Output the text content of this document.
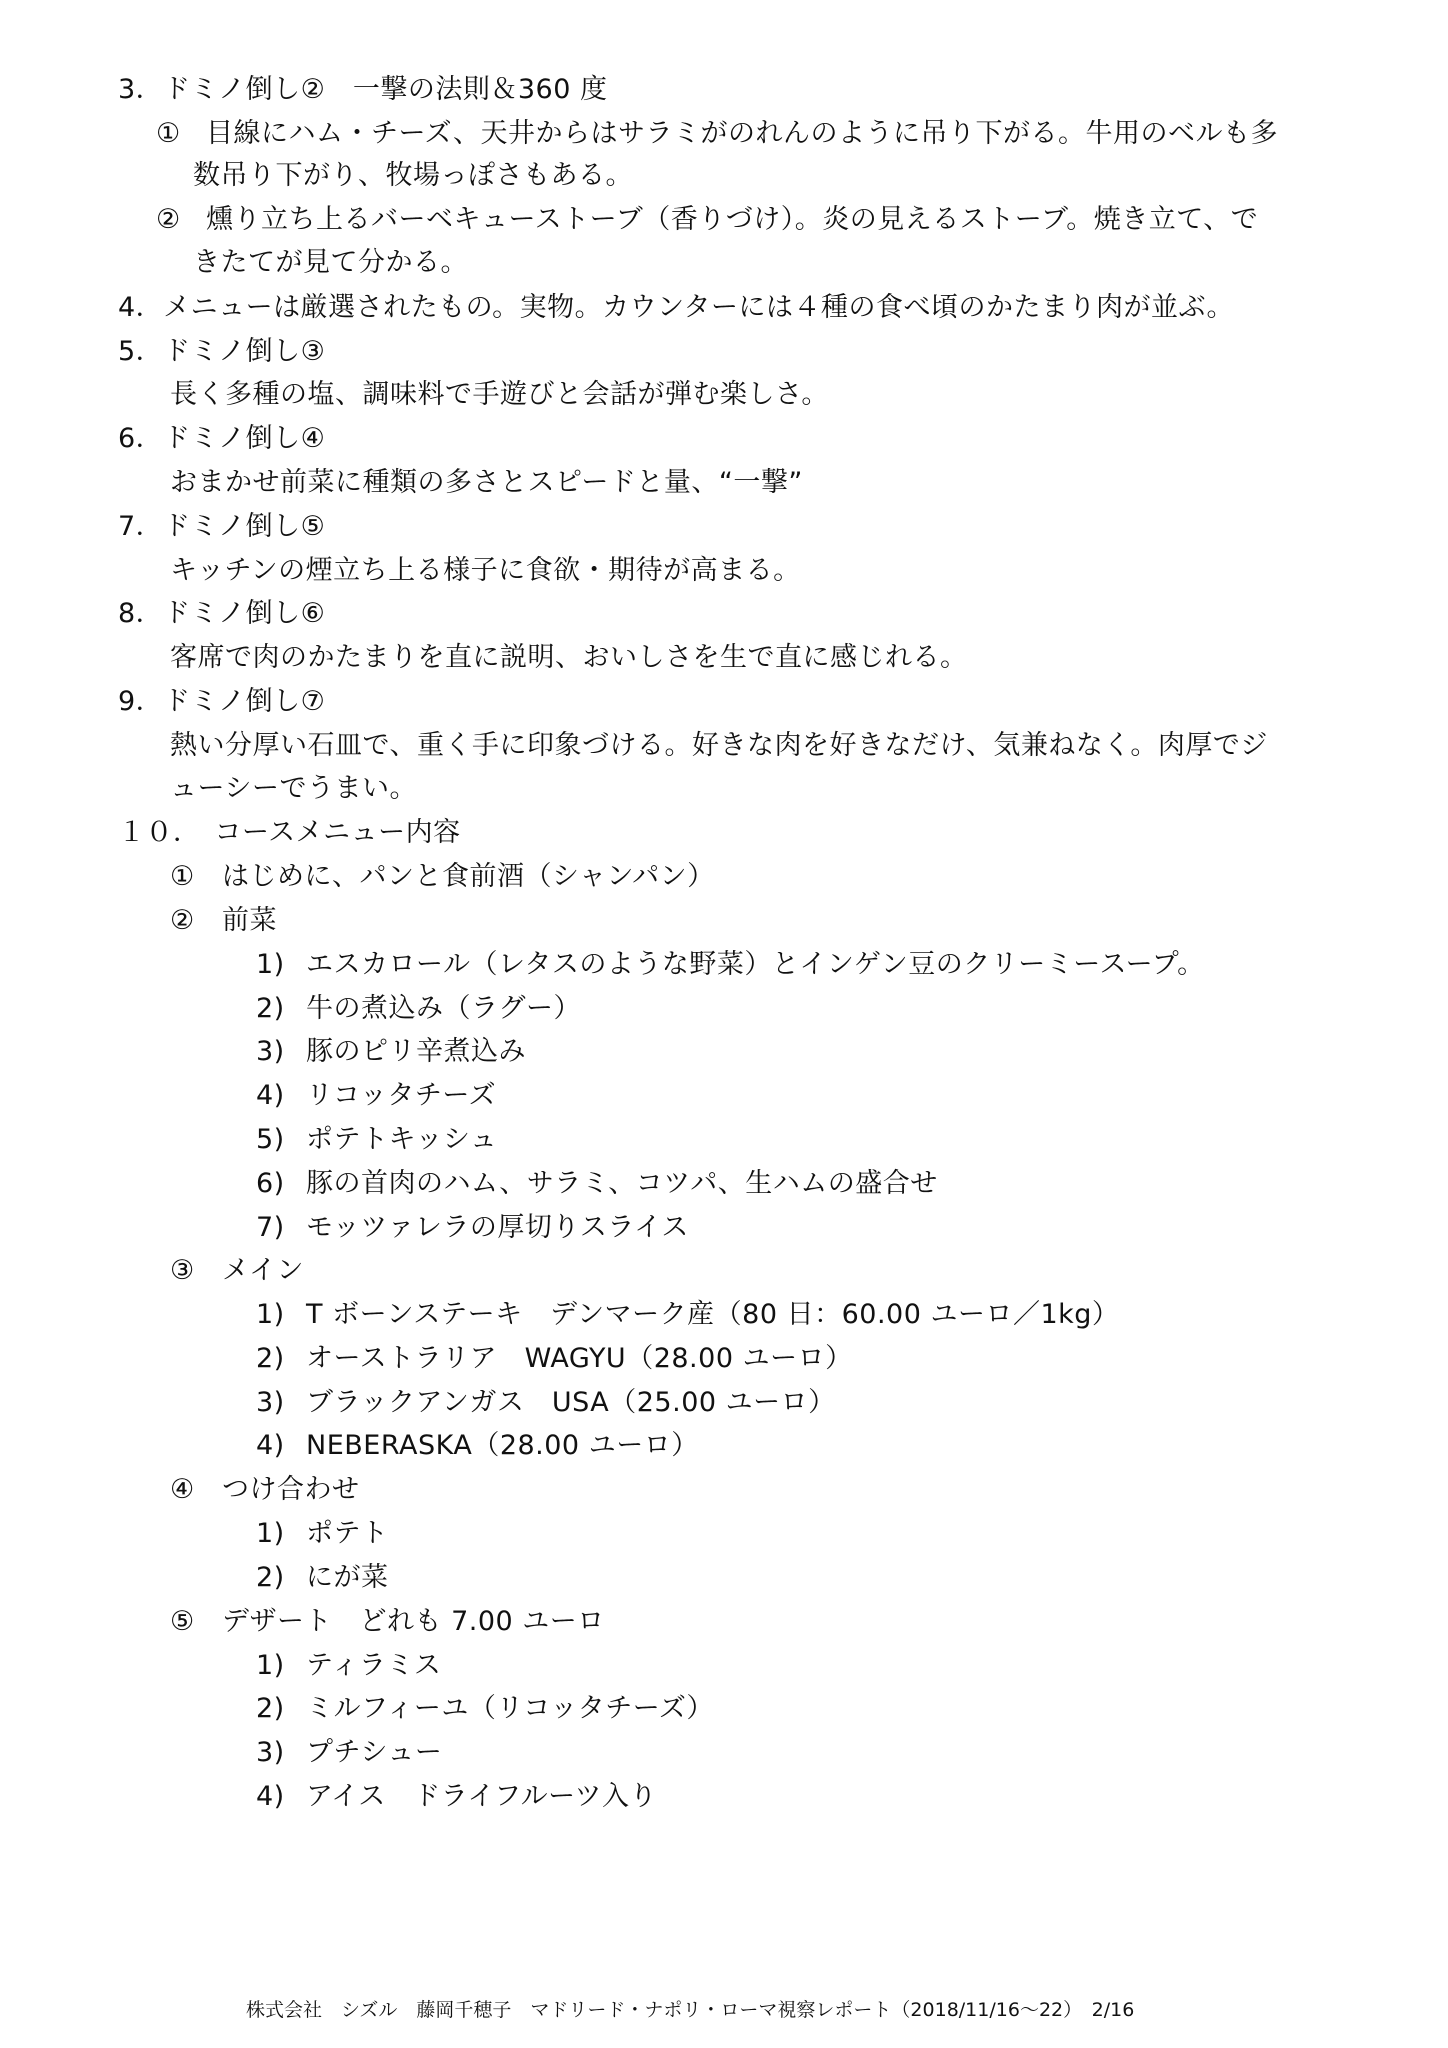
3．ドミノ倒し②　一撃の法則＆360 度
① 目線にハム・チーズ、天井からはサラミがのれんのように吊り下がる。牛用のベルも多
数吊り下がり、牧場っぽさもある。
② 燻り立ち上るバーベキューストーブ（香りづけ）。炎の見えるストーブ。焼き立て、で
きたてが見て分かる。
4．メニューは厳選されたもの。実物。カウンターには４種の食べ頃のかたまり肉が並ぶ。
5．ドミノ倒し③
長く多種の塩、調味料で手遊びと会話が弾む楽しさ。
6．ドミノ倒し④
おまかせ前菜に種類の多さとスピードと量、“一撃”
7．ドミノ倒し⑤
キッチンの煙立ち上る様子に食欲・期待が高まる。
8．ドミノ倒し⑥
客席で肉のかたまりを直に説明、おいしさを生で直に感じれる。
9．ドミノ倒し⑦
熱い分厚い石皿で、重く手に印象づける。好きな肉を好きなだけ、気兼ねなく。肉厚でジ
ューシーでうまい。
１０．　コースメニュー内容
① はじめに、パンと食前酒（シャンパン）
② 前菜
1) エスカロール（レタスのような野菜）とインゲン豆のクリーミースープ。
2) 牛の煮込み（ラグー）
3) 豚のピリ辛煮込み
4) リコッタチーズ
5) ポテトキッシュ
6) 豚の首肉のハム、サラミ、コツパ、生ハムの盛合せ
7) モッツァレラの厚切りスライス
③ メイン
1) T ボーンステーキ　デンマーク産（80 日：60.00 ユーロ／1kg）
2) オーストラリア　WAGYU（28.00 ユーロ）
3) ブラックアンガス　USA（25.00 ユーロ）
4) NEBERASKA（28.00 ユーロ）
④ つけ合わせ
1) ポテト
2) にが菜
⑤ デザート　どれも 7.00 ユーロ
1) ティラミス
2) ミルフィーユ（リコッタチーズ）
3) プチシュー
4) アイス　ドライフルーツ入り
株式会社　シズル　藤岡千穂子　マドリード・ナポリ・ローマ視察レポート（2018/11/16〜22）　2/16
